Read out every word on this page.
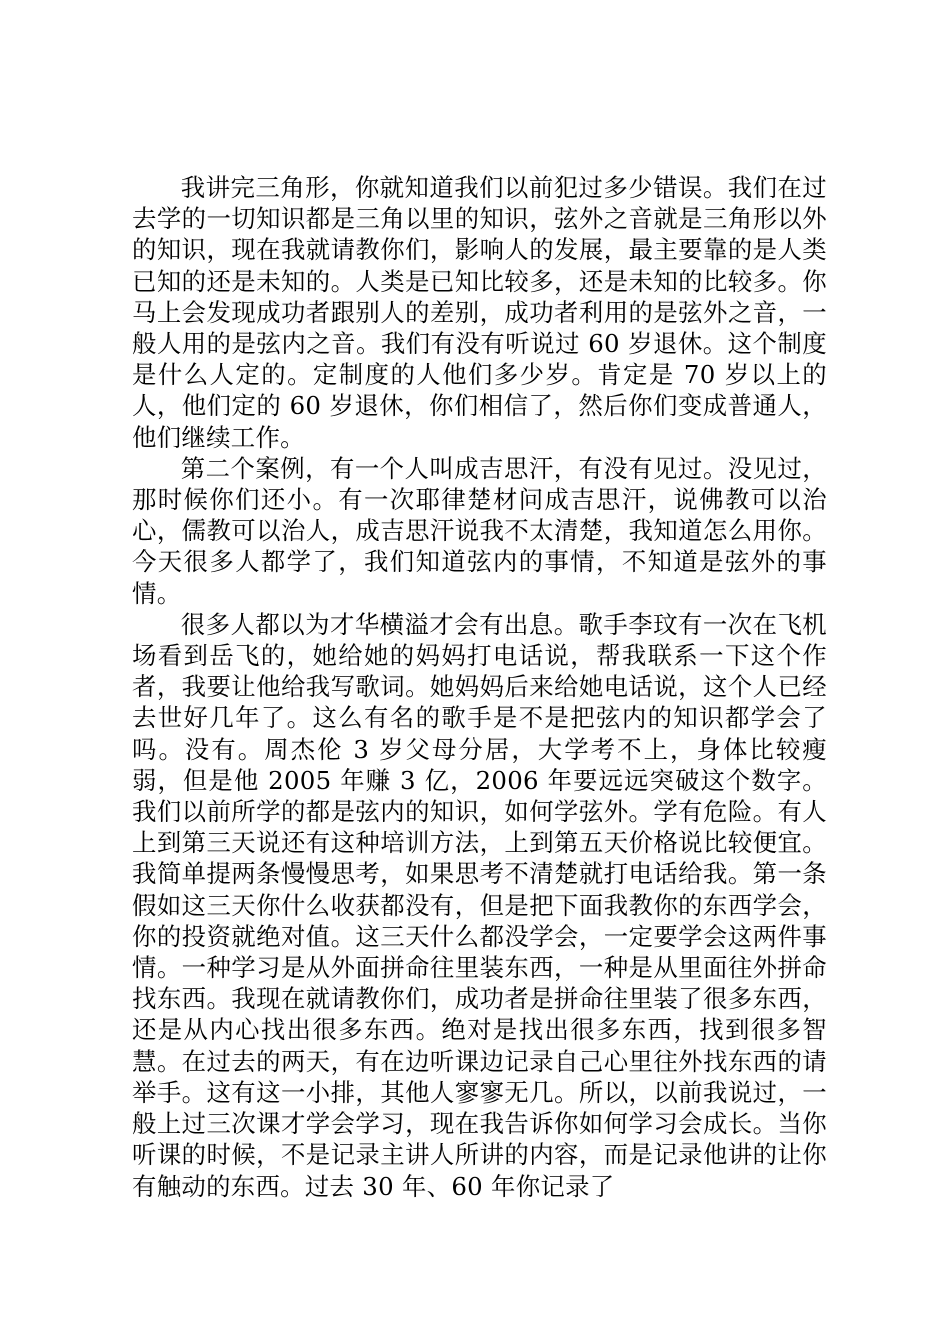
我讲完三角形，你就知道我们以前犯过多少错误。我们在过去学的一切知识都是三角以里的知识，弦外之音就是三角形以外的知识，现在我就请教你们，影响人的发展，最主要靠的是人类已知的还是未知的。人类是已知比较多，还是未知的比较多。你马上会发现成功者跟别人的差别，成功者利用的是弦外之音，一般人用的是弦内之音。我们有没有听说过 60 岁退休。这个制度是什么人定的。定制度的人他们多少岁。肯定是 70 岁以上的人，他们定的 60 岁退休，你们相信了，然后你们变成普通人，他们继续工作。

第二个案例，有一个人叫成吉思汗，有没有见过。没见过，那时候你们还小。有一次耶律楚材问成吉思汗，说佛教可以治心，儒教可以治人，成吉思汗说我不太清楚，我知道怎么用你。今天很多人都学了，我们知道弦内的事情，不知道是弦外的事情。

很多人都以为才华横溢才会有出息。歌手李玟有一次在飞机场看到岳飞的，她给她的妈妈打电话说，帮我联系一下这个作者，我要让他给我写歌词。她妈妈后来给她电话说，这个人已经去世好几年了。这么有名的歌手是不是把弦内的知识都学会了吗。没有。周杰伦 3 岁父母分居，大学考不上，身体比较瘦弱，但是他 2005 年赚 3 亿，2006 年要远远突破这个数字。我们以前所学的都是弦内的知识，如何学弦外。学有危险。有人上到第三天说还有这种培训方法，上到第五天价格说比较便宜。我简单提两条慢慢思考，如果思考不清楚就打电话给我。第一条假如这三天你什么收获都没有，但是把下面我教你的东西学会，你的投资就绝对值。这三天什么都没学会，一定要学会这两件事情。一种学习是从外面拼命往里装东西，一种是从里面往外拼命找东西。我现在就请教你们，成功者是拼命往里装了很多东西，还是从内心找出很多东西。绝对是找出很多东西，找到很多智慧。在过去的两天，有在边听课边记录自己心里往外找东西的请举手。这有这一小排，其他人寥寥无几。所以，以前我说过，一般上过三次课才学会学习，现在我告诉你如何学习会成长。当你听课的时候，不是记录主讲人所讲的内容，而是记录他讲的让你有触动的东西。过去 30 年、60 年你记录了
